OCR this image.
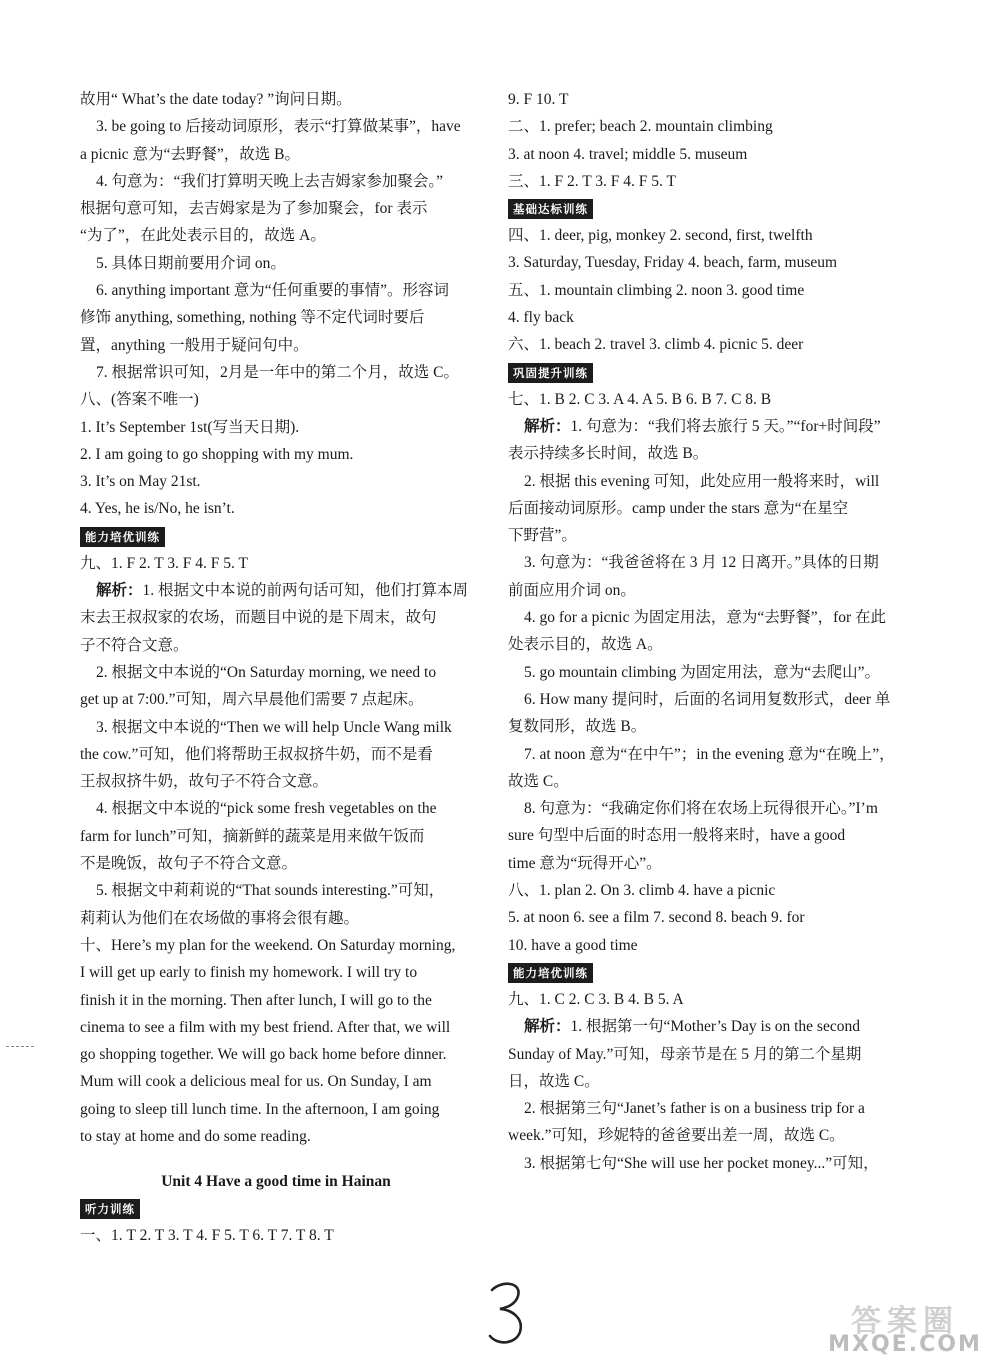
故用“ What’s the date today? ”询问日期。
3. be going to 后接动词原形，表示“打算做某事”，have
a picnic 意为“去野餐”，故选 B。
4. 句意为：“我们打算明天晚上去吉姆家参加聚会。”
根据句意可知，去吉姆家是为了参加聚会，for 表示
“为了”，在此处表示目的，故选 A。
5. 具体日期前要用介词 on。
6. anything important 意为“任何重要的事情”。形容词
修饰 anything, something, nothing 等不定代词时要后
置，anything 一般用于疑问句中。
7. 根据常识可知，2月是一年中的第二个月，故选 C。
八、(答案不唯一)
1. It’s September 1st(写当天日期).
2. I am going to go shopping with my mum.
3. It’s on May 21st.
4. Yes, he is/No, he isn’t.
能力培优训练
九、1. F 2. T 3. F 4. F 5. T
解析：1. 根据文中本说的前两句话可知，他们打算本周
末去王叔叔家的农场，而题目中说的是下周末，故句
子不符合文意。
2. 根据文中本说的“On Saturday morning, we need to
get up at 7:00.”可知，周六早晨他们需要 7 点起床。
3. 根据文中本说的“Then we will help Uncle Wang milk
the cow.”可知，他们将帮助王叔叔挤牛奶，而不是看
王叔叔挤牛奶，故句子不符合文意。
4. 根据文中本说的“pick some fresh vegetables on the
farm for lunch”可知，摘新鲜的蔬菜是用来做午饭而
不是晚饭，故句子不符合文意。
5. 根据文中莉莉说的“That sounds interesting.”可知，
莉莉认为他们在农场做的事将会很有趣。
十、Here’s my plan for the weekend. On Saturday morning,
I will get up early to finish my homework. I will try to
finish it in the morning. Then after lunch, I will go to the
cinema to see a film with my best friend. After that, we will
go shopping together. We will go back home before dinner.
Mum will cook a delicious meal for us. On Sunday, I am
going to sleep till lunch time. In the afternoon, I am going
to stay at home and do some reading.
Unit 4 Have a good time in Hainan
听力训练
一、1. T 2. T 3. T 4. F 5. T 6. T 7. T 8. T
9. F 10. T
二、1. prefer; beach 2. mountain climbing
3. at noon 4. travel; middle 5. museum
三、1. F 2. T 3. F 4. F 5. T
基础达标训练
四、1. deer, pig, monkey 2. second, first, twelfth
3. Saturday, Tuesday, Friday 4. beach, farm, museum
五、1. mountain climbing 2. noon 3. good time
4. fly back
六、1. beach 2. travel 3. climb 4. picnic 5. deer
巩固提升训练
七、1. B 2. C 3. A 4. A 5. B 6. B 7. C 8. B
解析：1. 句意为：“我们将去旅行 5 天。”“for+时间段”
表示持续多长时间，故选 B。
2. 根据 this evening 可知，此处应用一般将来时，will
后面接动词原形。camp under the stars 意为“在星空
下野营”。
3. 句意为：“我爸爸将在 3 月 12 日离开。”具体的日期
前面应用介词 on。
4. go for a picnic 为固定用法，意为“去野餐”，for 在此
处表示目的，故选 A。
5. go mountain climbing 为固定用法，意为“去爬山”。
6. How many 提问时，后面的名词用复数形式，deer 单
复数同形，故选 B。
7. at noon 意为“在中午”；in the evening 意为“在晚上”，
故选 C。
8. 句意为：“我确定你们将在农场上玩得很开心。”I’m
sure 句型中后面的时态用一般将来时，have a good
time 意为“玩得开心”。
八、1. plan 2. On 3. climb 4. have a picnic
5. at noon 6. see a film 7. second 8. beach 9. for
10. have a good time
能力培优训练
九、1. C 2. C 3. B 4. B 5. A
解析：1. 根据第一句“Mother’s Day is on the second
Sunday of May.”可知，母亲节是在 5 月的第二个星期
日，故选 C。
2. 根据第三句“Janet’s father is on a business trip for a
week.”可知，珍妮特的爸爸要出差一周，故选 C。
3. 根据第七句“She will use her pocket money...”可知，
答案圈
MXQE.COM
